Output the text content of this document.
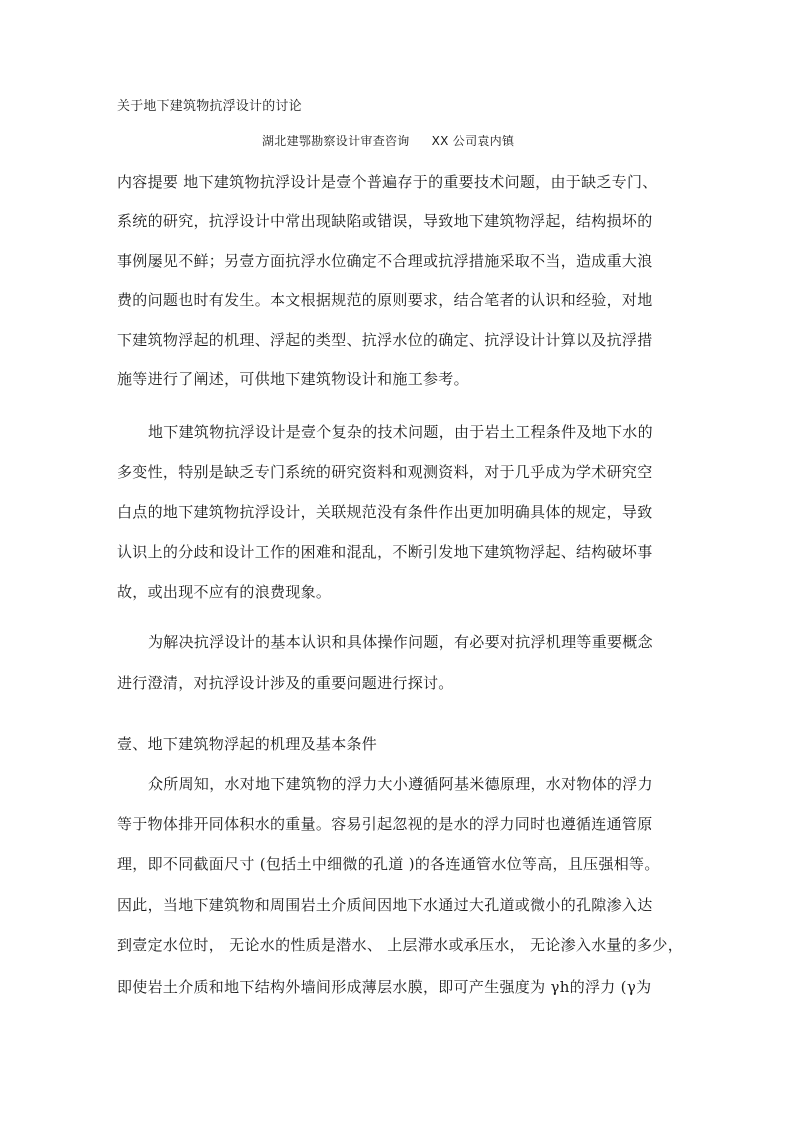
关于地下建筑物抗浮设计的讨论
湖北建鄂勘察设计审查咨询 XX 公司袁内镇
内容提要 地下建筑物抗浮设计是壹个普遍存于的重要技术问题，由于缺乏专门、
系统的研究，抗浮设计中常出现缺陷或错误，导致地下建筑物浮起，结构损坏的
事例屡见不鲜；另壹方面抗浮水位确定不合理或抗浮措施采取不当，造成重大浪
费的问题也时有发生。本文根据规范的原则要求，结合笔者的认识和经验，对地
下建筑物浮起的机理、浮起的类型、抗浮水位的确定、抗浮设计计算以及抗浮措
施等进行了阐述，可供地下建筑物设计和施工参考。
地下建筑物抗浮设计是壹个复杂的技术问题，由于岩土工程条件及地下水的
多变性，特别是缺乏专门系统的研究资料和观测资料，对于几乎成为学术研究空
白点的地下建筑物抗浮设计，关联规范没有条件作出更加明确具体的规定，导致
认识上的分歧和设计工作的困难和混乱，不断引发地下建筑物浮起、结构破坏事
故，或出现不应有的浪费现象。
为解决抗浮设计的基本认识和具体操作问题，有必要对抗浮机理等重要概念
进行澄清，对抗浮设计涉及的重要问题进行探讨。
壹、地下建筑物浮起的机理及基本条件
众所周知，水对地下建筑物的浮力大小遵循阿基米德原理，水对物体的浮力
等于物体排开同体积水的重量。容易引起忽视的是水的浮力同时也遵循连通管原
理，即不同截面尺寸 (包括土中细微的孔道 )的各连通管水位等高，且压强相等。
因此，当地下建筑物和周围岩土介质间因地下水通过大孔道或微小的孔隙渗入达
到壹定水位时， 无论水的性质是潜水、 上层滞水或承压水， 无论渗入水量的多少，
即使岩土介质和地下结构外墙间形成薄层水膜，即可产生强度为 γh的浮力 (γ为
